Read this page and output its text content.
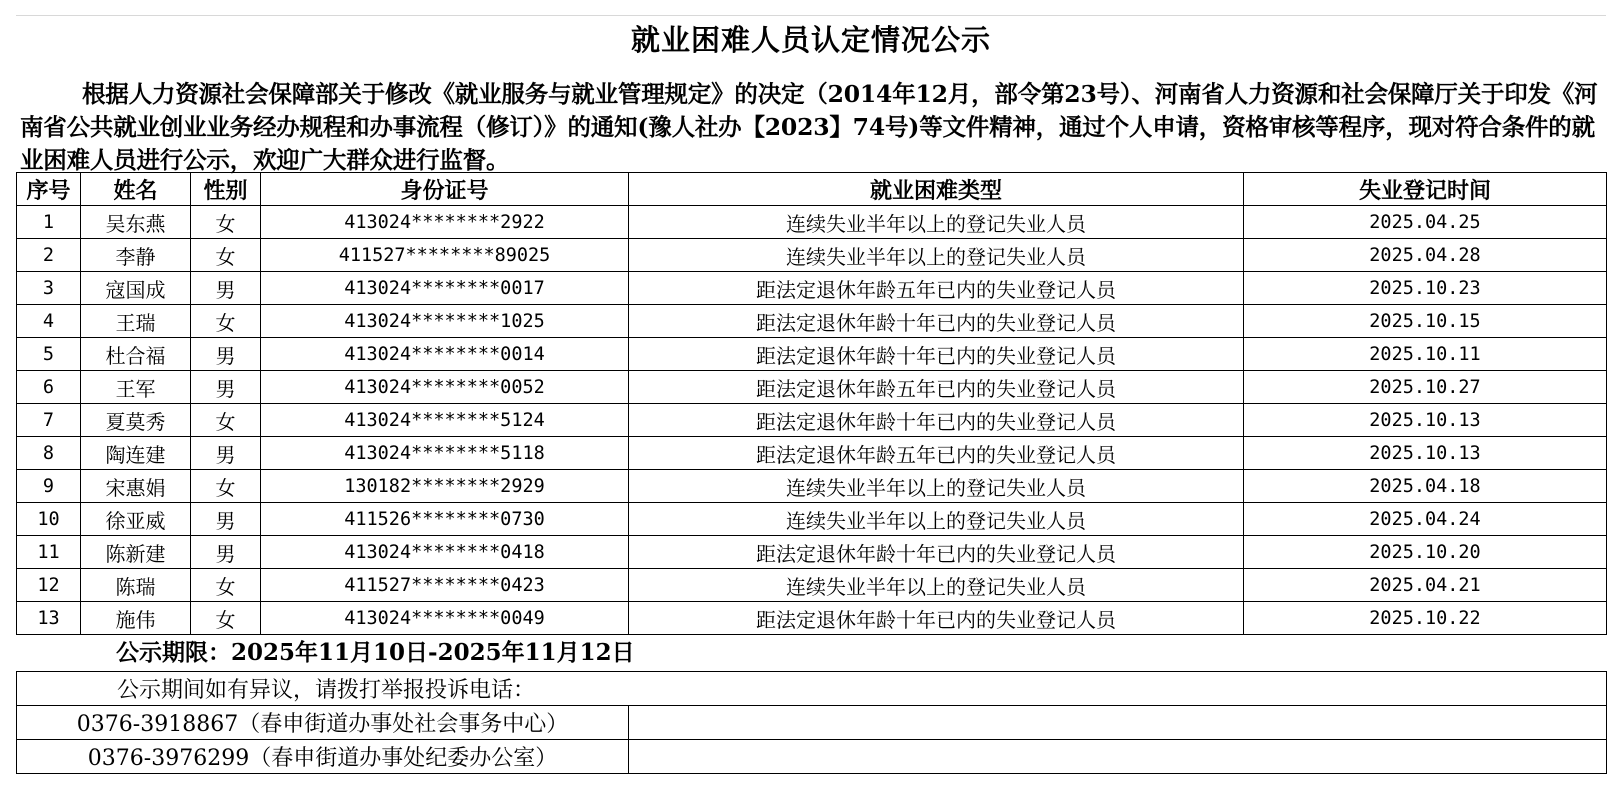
就业困难人员认定情况公示
根据人力资源社会保障部关于修改《就业服务与就业管理规定》的决定（2014年12月，部令第23号）、河南省人力资源和社会保障厅关于印发《河南省公共就业创业业务经办规程和办事流程（修订）》的通知(豫人社办【2023】74号)等文件精神，通过个人申请，资格审核等程序，现对符合条件的就业困难人员进行公示，欢迎广大群众进行监督。
序号	姓名	性别	身份证号	就业困难类型	失业登记时间
1	吴东燕	女	413024********2922	连续失业半年以上的登记失业人员	2025.04.25
2	李静	女	411527********89025	连续失业半年以上的登记失业人员	2025.04.28
3	寇国成	男	413024********0017	距法定退休年龄五年已内的失业登记人员	2025.10.23
4	王瑞	女	413024********1025	距法定退休年龄十年已内的失业登记人员	2025.10.15
5	杜合福	男	413024********0014	距法定退休年龄十年已内的失业登记人员	2025.10.11
6	王军	男	413024********0052	距法定退休年龄五年已内的失业登记人员	2025.10.27
7	夏莫秀	女	413024********5124	距法定退休年龄十年已内的失业登记人员	2025.10.13
8	陶连建	男	413024********5118	距法定退休年龄五年已内的失业登记人员	2025.10.13
9	宋惠娟	女	130182********2929	连续失业半年以上的登记失业人员	2025.04.18
10	徐亚威	男	411526********0730	连续失业半年以上的登记失业人员	2025.04.24
11	陈新建	男	413024********0418	距法定退休年龄十年已内的失业登记人员	2025.10.20
12	陈瑞	女	411527********0423	连续失业半年以上的登记失业人员	2025.04.21
13	施伟	女	413024********0049	距法定退休年龄十年已内的失业登记人员	2025.10.22
公示期限：2025年11月10日-2025年11月12日
公示期间如有异议，请拨打举报投诉电话：	
0376-3918867（春申街道办事处社会事务中心）	
0376-3976299（春申街道办事处纪委办公室）	
